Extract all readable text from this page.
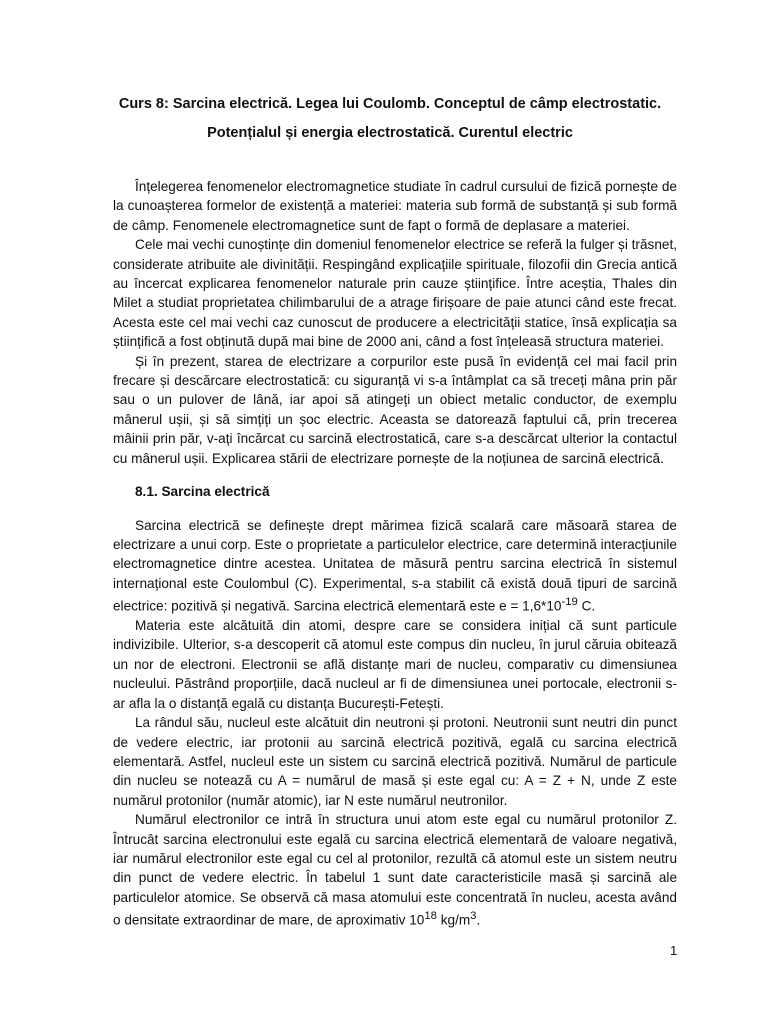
Curs 8: Sarcina electrică. Legea lui Coulomb. Conceptul de câmp electrostatic.
Potențialul și energia electrostatică. Curentul electric

Înțelegerea fenomenelor electromagnetice studiate în cadrul cursului de fizică pornește de la cunoașterea formelor de existență a materiei: materia sub formă de substanță și sub formă de câmp. Fenomenele electromagnetice sunt de fapt o formă de deplasare a materiei.

Cele mai vechi cunoștințe din domeniul fenomenelor electrice se referă la fulger și trăsnet, considerate atribuite ale divinității. Respingând explicațiile spirituale, filozofii din Grecia antică au încercat explicarea fenomenelor naturale prin cauze științifice. Între aceștia, Thales din Milet a studiat proprietatea chilimbarului de a atrage firișoare de paie atunci când este frecat. Acesta este cel mai vechi caz cunoscut de producere a electricității statice, însă explicația sa științifică a fost obținută după mai bine de 2000 ani, când a fost înțeleasă structura materiei.

Și în prezent, starea de electrizare a corpurilor este pusă în evidență cel mai facil prin frecare și descărcare electrostatică: cu siguranță vi s-a întâmplat ca să treceți mâna prin păr sau o un pulover de lână, iar apoi să atingeți un obiect metalic conductor, de exemplu mânerul ușii, și să simțiți un șoc electric. Aceasta se datorează faptului că, prin trecerea mâinii prin păr, v-ați încărcat cu sarcină electrostatică, care s-a descărcat ulterior la contactul cu mânerul ușii. Explicarea stării de electrizare pornește de la noțiunea de sarcină electrică.

8.1. Sarcina electrică

Sarcina electrică se definește drept mărimea fizică scalară care măsoară starea de electrizare a unui corp. Este o proprietate a particulelor electrice, care determină interacțiunile electromagnetice dintre acestea. Unitatea de măsură pentru sarcina electrică în sistemul internațional este Coulombul (C). Experimental, s-a stabilit că există două tipuri de sarcină electrice: pozitivă și negativă. Sarcina electrică elementară este $e = 1,6*10^{-19}$ C.

Materia este alcătuită din atomi, despre care se considera inițial că sunt particule indivizibile. Ulterior, s-a descoperit că atomul este compus din nucleu, în jurul căruia obitează un nor de electroni. Electronii se află distanțe mari de nucleu, comparativ cu dimensiunea nucleului. Păstrând proporțiile, dacă nucleul ar fi de dimensiunea unei portocale, electronii s-ar afla la o distanță egală cu distanța București-Fetești.

La rândul său, nucleul este alcătuit din neutroni și protoni. Neutronii sunt neutri din punct de vedere electric, iar protonii au sarcină electrică pozitivă, egală cu sarcina electrică elementară. Astfel, nucleul este un sistem cu sarcină electrică pozitivă. Numărul de particule din nucleu se notează cu A = numărul de masă și este egal cu: A = Z + N, unde Z este numărul protonilor (număr atomic), iar N este numărul neutronilor.

Numărul electronilor ce intră în structura unui atom este egal cu numărul protonilor Z. Întrucât sarcina electronului este egală cu sarcina electrică elementară de valoare negativă, iar numărul electronilor este egal cu cel al protonilor, rezultă că atomul este un sistem neutru din punct de vedere electric. În tabelul 1 sunt date caracteristicile masă și sarcină ale particulelor atomice. Se observă că masa atomului este concentrată în nucleu, acesta având o densitate extraordinar de mare, de aproximativ $10^{18}$ $kg/m^3$.

1
